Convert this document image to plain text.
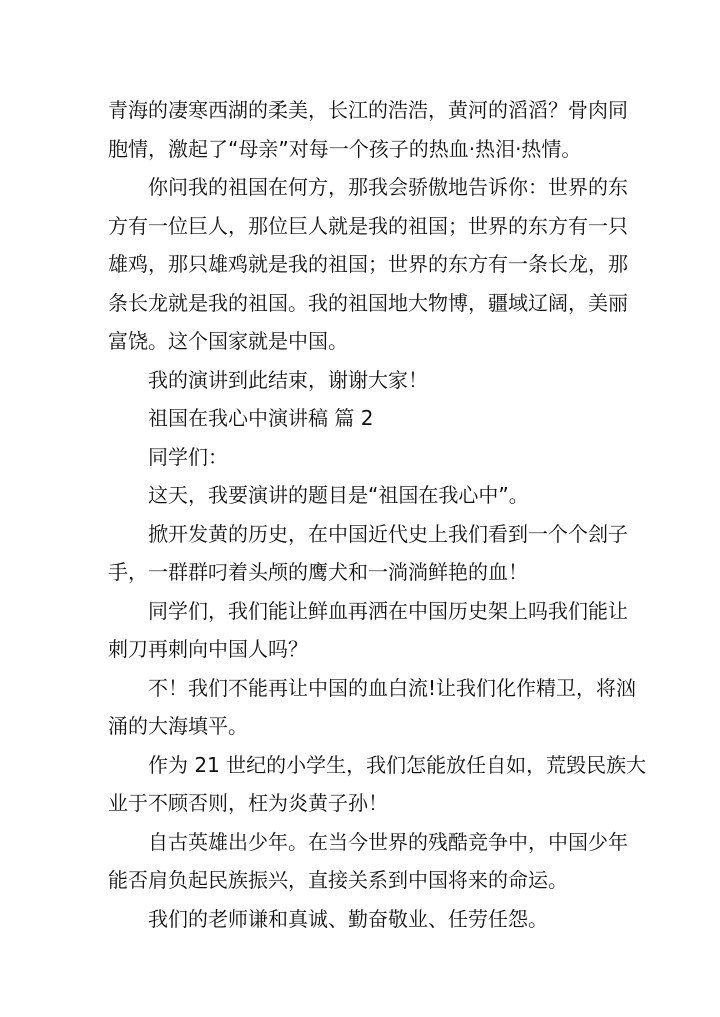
青海的凄寒西湖的柔美，长江的浩浩，黄河的滔滔？骨肉同
胞情，激起了“母亲”对每一个孩子的热血·热泪·热情。
你问我的祖国在何方，那我会骄傲地告诉你：世界的东
方有一位巨人，那位巨人就是我的祖国；世界的东方有一只
雄鸡，那只雄鸡就是我的祖国；世界的东方有一条长龙，那
条长龙就是我的祖国。我的祖国地大物博，疆域辽阔，美丽
富饶。这个国家就是中国。
我的演讲到此结束，谢谢大家！
祖国在我心中演讲稿 篇 2
同学们：
这天，我要演讲的题目是“祖国在我心中”。
掀开发黄的历史，在中国近代史上我们看到一个个刽子
手，一群群叼着头颅的鹰犬和一淌淌鲜艳的血！
同学们，我们能让鲜血再洒在中国历史架上吗我们能让
刺刀再刺向中国人吗？
不！我们不能再让中国的血白流!让我们化作精卫，将汹
涌的大海填平。
作为 21 世纪的小学生，我们怎能放任自如，荒毁民族大
业于不顾否则，枉为炎黄子孙！
自古英雄出少年。在当今世界的残酷竞争中，中国少年
能否肩负起民族振兴，直接关系到中国将来的命运。
我们的老师谦和真诚、勤奋敬业、任劳任怨。
